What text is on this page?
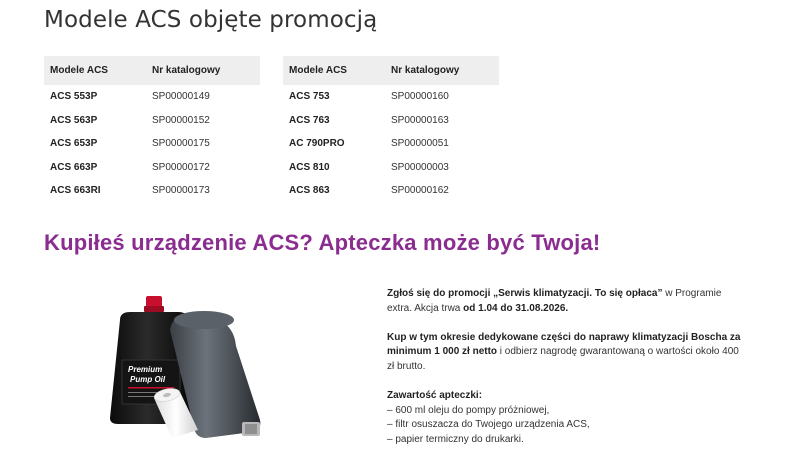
Modele ACS objęte promocją
Modele ACS	Nr katalogowy
ACS 553P	SP00000149
ACS 563P	SP00000152
ACS 653P	SP00000175
ACS 663P	SP00000172
ACS 663RI	SP00000173
Modele ACS	Nr katalogowy
ACS 753	SP00000160
ACS 763	SP00000163
AC 790PRO	SP00000051
ACS 810	SP00000003
ACS 863	SP00000162
Kupiłeś urządzenie ACS? Apteczka może być Twoja!
Premium
Pump Oil

Zgłoś się do promocji „Serwis klimatyzacji. To się opłaca” w Programie extra. Akcja trwa od 1.04 do 31.08.2026.

Kup w tym okresie dedykowane części do naprawy klimatyzacji Boscha za minimum 1 000 zł netto i odbierz nagrodę gwarantowaną o wartości około 400 zł brutto.

Zawartość apteczki:
– 600 ml oleju do pompy próżniowej,
– filtr osuszacza do Twojego urządzenia ACS,
– papier termiczny do drukarki.
